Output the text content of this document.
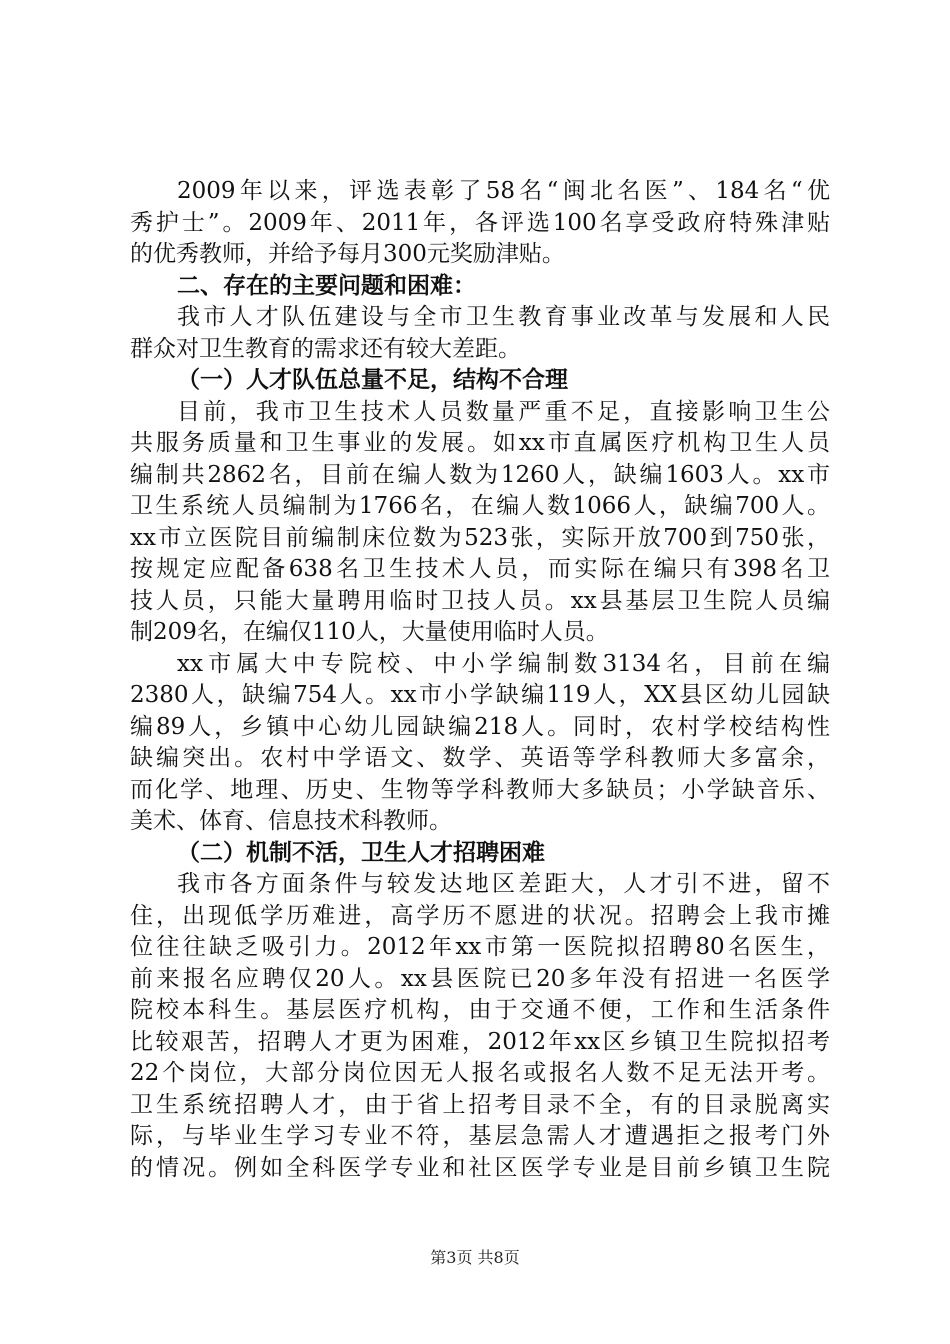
2009年以来，评选表彰了58名“闽北名医”、184名“优
秀护士”。2009年、2011年，各评选100名享受政府特殊津贴
的优秀教师，并给予每月300元奖励津贴。
二、存在的主要问题和困难：
我市人才队伍建设与全市卫生教育事业改革与发展和人民
群众对卫生教育的需求还有较大差距。
（一）人才队伍总量不足，结构不合理
目前，我市卫生技术人员数量严重不足，直接影响卫生公
共服务质量和卫生事业的发展。如xx市直属医疗机构卫生人员
编制共2862名，目前在编人数为1260人，缺编1603人。xx市
卫生系统人员编制为1766名，在编人数1066人，缺编700人。
xx市立医院目前编制床位数为523张，实际开放700到750张，
按规定应配备638名卫生技术人员，而实际在编只有398名卫
技人员，只能大量聘用临时卫技人员。xx县基层卫生院人员编
制209名，在编仅110人，大量使用临时人员。
xx市属大中专院校、中小学编制数3134名，目前在编
2380人，缺编754人。xx市小学缺编119人，XX县区幼儿园缺
编89人，乡镇中心幼儿园缺编218人。同时，农村学校结构性
缺编突出。农村中学语文、数学、英语等学科教师大多富余，
而化学、地理、历史、生物等学科教师大多缺员；小学缺音乐、
美术、体育、信息技术科教师。
（二）机制不活，卫生人才招聘困难
我市各方面条件与较发达地区差距大，人才引不进，留不
住，出现低学历难进，高学历不愿进的状况。招聘会上我市摊
位往往缺乏吸引力。2012年xx市第一医院拟招聘80名医生，
前来报名应聘仅20人。xx县医院已20多年没有招进一名医学
院校本科生。基层医疗机构，由于交通不便，工作和生活条件
比较艰苦，招聘人才更为困难，2012年xx区乡镇卫生院拟招考
22个岗位，大部分岗位因无人报名或报名人数不足无法开考。
卫生系统招聘人才，由于省上招考目录不全，有的目录脱离实
际，与毕业生学习专业不符，基层急需人才遭遇拒之报考门外
的情况。例如全科医学专业和社区医学专业是目前乡镇卫生院
第3页 共8页
